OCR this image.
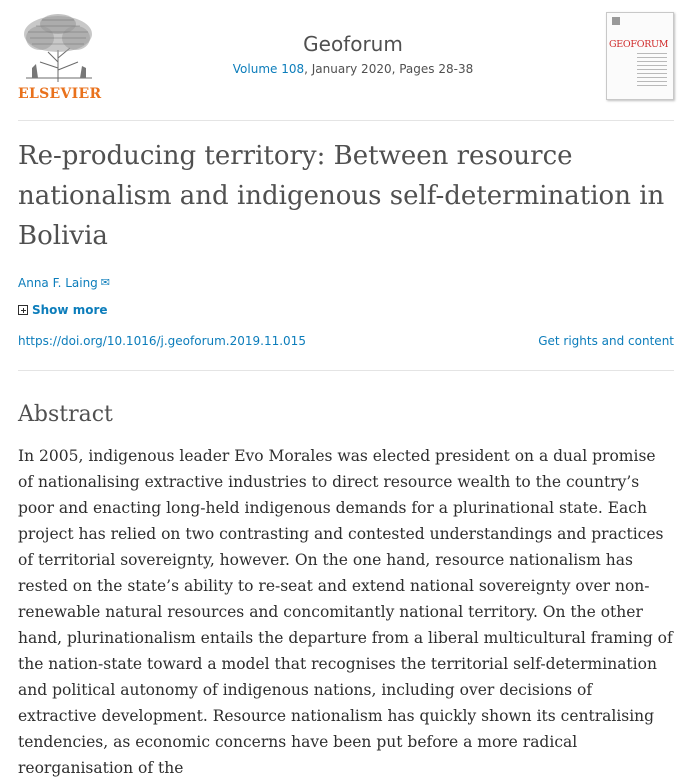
ELSEVIER
Geoforum
Volume 108, January 2020, Pages 28-38
GEOFORUM
Re-producing territory: Between resource nationalism and indigenous self-determination in Bolivia
Anna F. Laing ✉
Show more
https://doi.org/10.1016/j.geoforum.2019.11.015	Get rights and content
Abstract

In 2005, indigenous leader Evo Morales was elected president on a dual promise of nationalising extractive industries to direct resource wealth to the country’s poor and enacting long-held indigenous demands for a plurinational state. Each project has relied on two contrasting and contested understandings and practices of territorial sovereignty, however. On the one hand, resource nationalism has rested on the state’s ability to re-seat and extend national sovereignty over non-renewable natural resources and concomitantly national territory. On the other hand, plurinationalism entails the departure from a liberal multicultural framing of the nation-state toward a model that recognises the territorial self-determination and political autonomy of indigenous nations, including over decisions of extractive development. Resource nationalism has quickly shown its centralising tendencies, as economic concerns have been put before a more radical reorganisation of the
